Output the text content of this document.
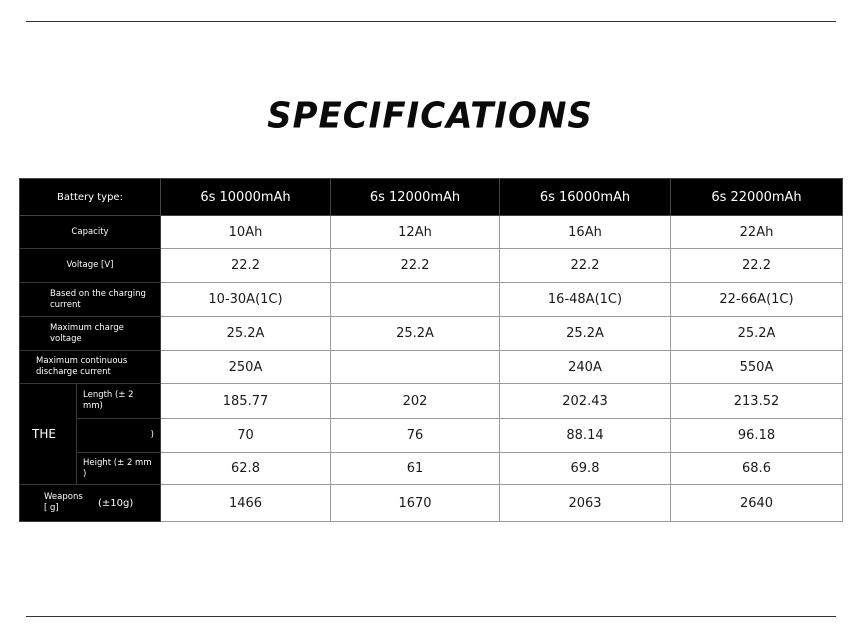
SPECIFICATIONS
Battery type:		6s 10000mAh	6s 12000mAh	6s 16000mAh	6s 22000mAh
Capacity		10Ah	12Ah	16Ah	22Ah
Voltage [V]		22.2	22.2	22.2	22.2
Based on the charging current		10-30A(1C)		16-48A(1C)	22-66A(1C)
Maximum charge voltage		25.2A	25.2A	25.2A	25.2A
Maximum continuous discharge current		250A		240A	550A
THE	Length (± 2 mm)	185.77	202	202.43	213.52
	)	70	76	88.14	96.18
	Height (± 2 mm )	62.8	61	69.8	68.6

Weapons [ g] (±10g)		1466	1670	2063	2640
